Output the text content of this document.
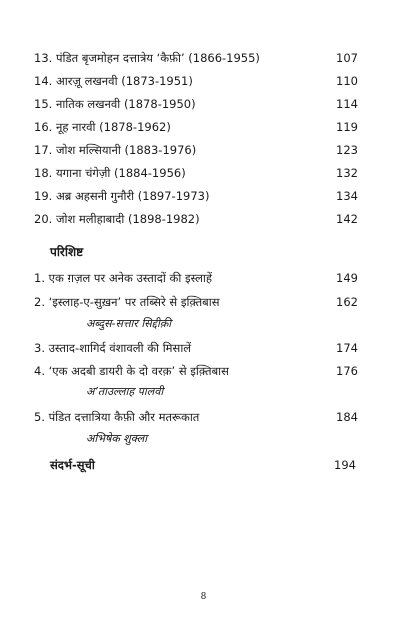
13. पंडित बृजमोहन दत्तात्रेय ‘कैफ़ी’ (1866-1955)	107
14. आरज़ू लखनवी (1873-1951)	110
15. नातिक लखनवी (1878-1950)	114
16. नूह नारवी (1878-1962)	119
17. जोश मल्सियानी (1883-1976)	123
18. यगाना चंगेज़ी (1884-1956)	132
19. अब्र अहसनी गुनौरी (1897-1973)	134
20. जोश मलीहाबादी (1898-1982)	142
परिशिष्ट
1. एक ग़ज़ल पर अनेक उस्तादों की इस्लाहें	149
2. ‘इस्लाह-ए-सुख़न’ पर तब्सिरे से इक़्तिबास	162
अब्दुस-सत्तार सिद्दीक़ी
3. उस्ताद-शागिर्द वंशावली की मिसालें	174
4. ‘एक अदबी डायरी के दो वरक़’ से इक़्तिबास	176
अ’ताउल्लाह पालवी
5. पंडित दत्तात्रिया कैफ़ी और मतरूकात	184
अभिषेक शुक्ला
संदर्भ-सूची	194
8
